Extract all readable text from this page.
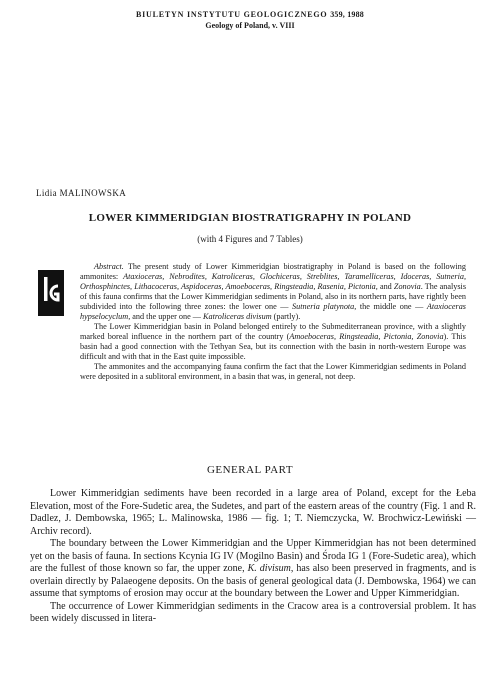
BIULETYN INSTYTUTU GEOLOGICZNEGO 359, 1988
Geology of Poland, v. VIII
Lidia MALINOWSKA
LOWER KIMMERIDGIAN BIOSTRATIGRAPHY IN POLAND
(with 4 Figures and 7 Tables)

Abstract. The present study of Lower Kimmeridgian biostratigraphy in Poland is based on the following ammonites: Ataxioceras, Nebrodites, Katroliceras, Glochiceras, Streblites, Taramelliceras, Idoceras, Sutneria, Orthosphinctes, Lithacoceras, Aspidoceras, Amoeboceras, Ringsteadia, Rasenia, Pictonia, and Zonovia. The analysis of this fauna confirms that the Lower Kimmeridgian sediments in Poland, also in its northern parts, have rightly been subdivided into the following three zones: the lower one — Sutneria platynota, the middle one — Ataxioceras hypselocyclum, and the upper one — Katroliceras divisum (partly).

The Lower Kimmeridgian basin in Poland belonged entirely to the Submediterranean province, with a slightly marked boreal influence in the northern part of the country (Amoeboceras, Ringsteadia, Pictonia, Zonovia). This basin had a good connection with the Tethyan Sea, but its connection with the basin in north-western Europe was difficult and with that in the East quite impossible.

The ammonites and the accompanying fauna confirm the fact that the Lower Kimmeridgian sediments in Poland were deposited in a sublitoral environment, in a basin that was, in general, not deep.

GENERAL PART

Lower Kimmeridgian sediments have been recorded in a large area of Poland, except for the Łeba Elevation, most of the Fore-Sudetic area, the Sudetes, and part of the eastern areas of the country (Fig. 1 and R. Dadlez, J. Dembowska, 1965; L. Malinowska, 1986 — fig. 1; T. Niemczycka, W. Brochwicz-Lewiński — Archiv record).

The boundary between the Lower Kimmeridgian and the Upper Kimmeridgian has not been determined yet on the basis of fauna. In sections Kcynia IG IV (Mogilno Basin) and Środa IG 1 (Fore-Sudetic area), which are the fullest of those known so far, the upper zone, K. divisum, has also been preserved in fragments, and is overlain directly by Palaeogene deposits. On the basis of general geological data (J. Dembowska, 1964) we can assume that symptoms of erosion may occur at the boundary between the Lower and Upper Kimmeridgian.

The occurrence of Lower Kimmeridgian sediments in the Cracow area is a controversial problem. It has been widely discussed in litera-
